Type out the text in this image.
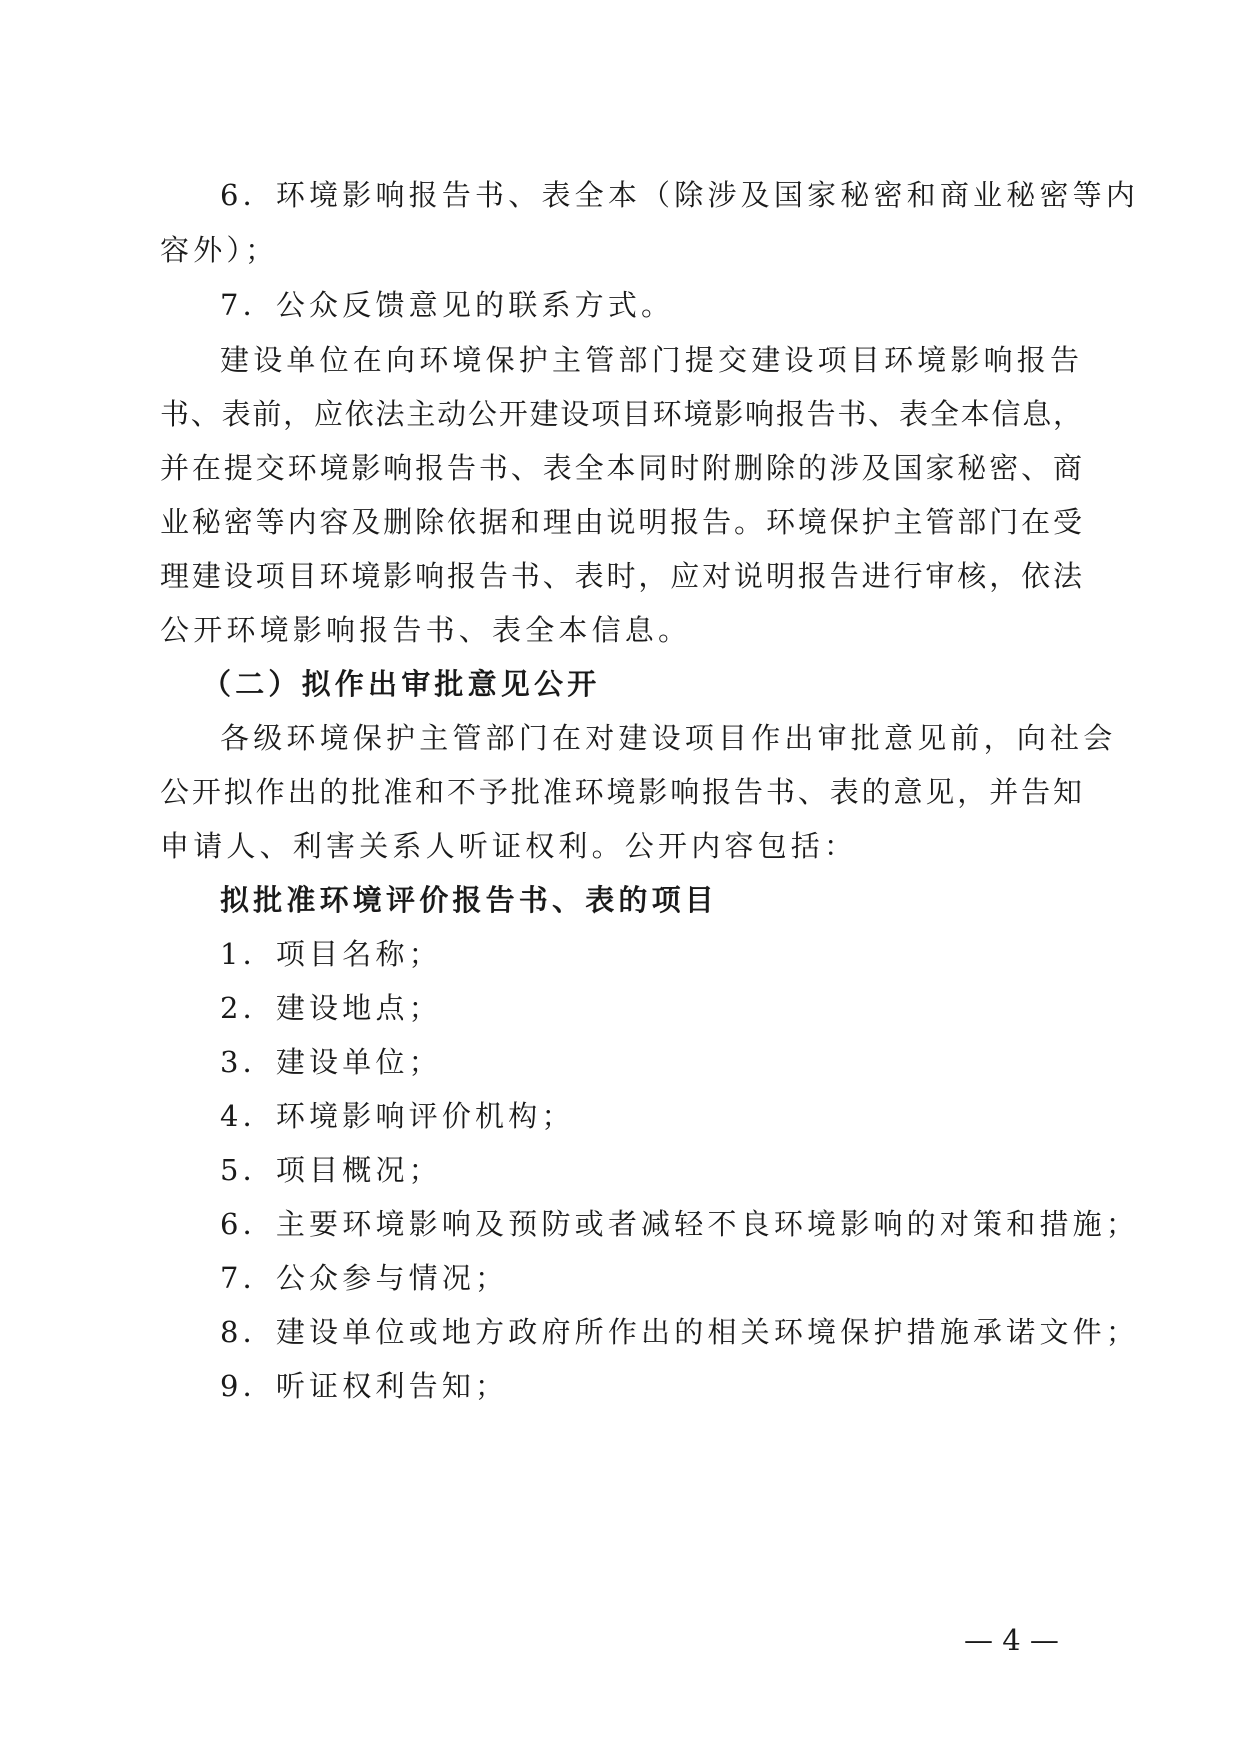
6．环境影响报告书、表全本（除涉及国家秘密和商业秘密等内
容外）；
7．公众反馈意见的联系方式。
建设单位在向环境保护主管部门提交建设项目环境影响报告
书、表前，应依法主动公开建设项目环境影响报告书、表全本信息，
并在提交环境影响报告书、表全本同时附删除的涉及国家秘密、商
业秘密等内容及删除依据和理由说明报告。环境保护主管部门在受
理建设项目环境影响报告书、表时，应对说明报告进行审核，依法
公开环境影响报告书、表全本信息。
（二）拟作出审批意见公开
各级环境保护主管部门在对建设项目作出审批意见前，向社会
公开拟作出的批准和不予批准环境影响报告书、表的意见，并告知
申请人、利害关系人听证权利。公开内容包括：
拟批准环境评价报告书、表的项目
1．项目名称；
2．建设地点；
3．建设单位；
4．环境影响评价机构；
5．项目概况；
6．主要环境影响及预防或者减轻不良环境影响的对策和措施；
7．公众参与情况；
8．建设单位或地方政府所作出的相关环境保护措施承诺文件；
9．听证权利告知；
— 4 —
